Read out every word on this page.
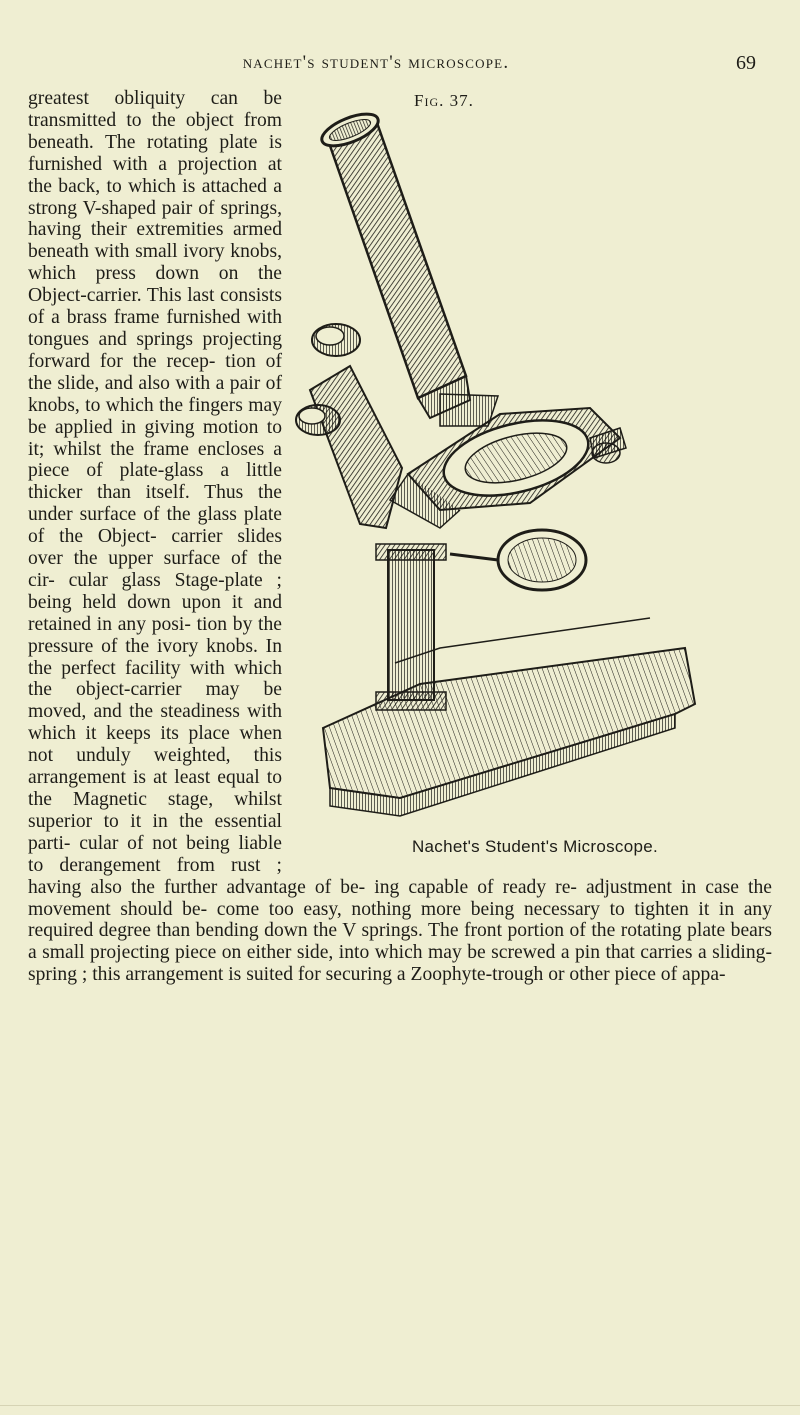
nachet's student's microscope.	69
Fig. 37.
Nachet's Student's Microscope.

greatest obliquity can be transmitted to the object from beneath. The rotating plate is furnished with a projection at the back, to which is attached a strong V-shaped pair of springs, having their extremities armed beneath with small ivory knobs, which press down on the Object-carrier. This last consists of a brass frame furnished with tongues and springs projecting forward for the recep- tion of the slide, and also with a pair of knobs, to which the fingers may be applied in giving motion to it; whilst the frame encloses a piece of plate-glass a little thicker than itself. Thus the under surface of the glass plate of the Object- carrier slides over the upper surface of the cir- cular glass Stage-plate ; being held down upon it and retained in any posi- tion by the pressure of the ivory knobs. In the perfect facility with which the object-carrier may be moved, and the steadiness with which it keeps its place when not unduly weighted, this arrangement is at least equal to the Magnetic stage, whilst superior to it in the essential parti- cular of not being liable to derangement from rust ; having also the further advantage of be- ing capable of ready re- adjustment in case the movement should be- come too easy, nothing more being necessary to tighten it in any required degree than bending down the V springs. The front portion of the rotating plate bears a small projecting piece on either side, into which may be screwed a pin that carries a sliding-spring ; this arrangement is suited for securing a Zoophyte-trough or other piece of appa-
